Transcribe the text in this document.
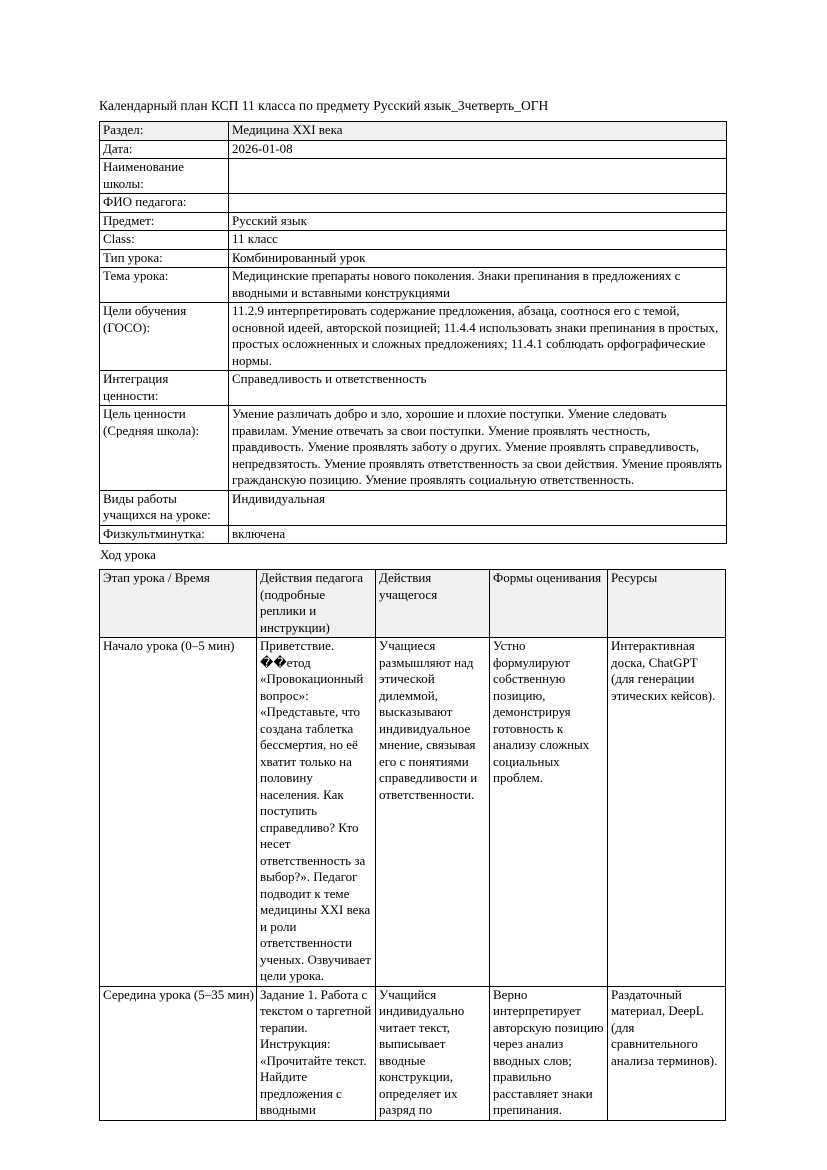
Календарный план КСП 11 класса по предмету Русский язык_3четверть_ОГН
Раздел:	Медицина XXI века
Дата:	2026-01-08
Наименование школы:	
ФИО педагога:	
Предмет:	Русский язык
Class:	11 класс
Тип урока:	Комбинированный урок
Тема урока:	Медицинские препараты нового поколения. Знаки препинания в предложениях с вводными и вставными конструкциями
Цели обучения (ГОСО):	11.2.9 интерпретировать содержание предложения, абзаца, соотнося его с темой, основной идеей, авторской позицией; 11.4.4 использовать знаки препинания в простых, простых осложненных и сложных предложениях; 11.4.1 соблюдать орфографические нормы.
Интеграция ценности:	Справедливость и ответственность
Цель ценности (Средняя школа):	Умение различать добро и зло, хорошие и плохие поступки. Умение следовать правилам. Умение отвечать за свои поступки. Умение проявлять честность, правдивость. Умение проявлять заботу о других. Умение проявлять справедливость, непредвзятость. Умение проявлять ответственность за свои действия. Умение проявлять гражданскую позицию. Умение проявлять социальную ответственность.
Виды работы учащихся на уроке:	Индивидуальная
Физкультминутка:	включена
Ход урока
Этап урока / Время	Действия педагога (подробные реплики и инструкции)	Действия учащегося	Формы оценивания	Ресурсы
Начало урока (0–5 мин)	Приветствие. ��етод «Провокационный вопрос»: «Представьте, что создана таблетка бессмертия, но её хватит только на половину населения. Как поступить справедливо? Кто несет ответственность за выбор?». Педагог подводит к теме медицины XXI века и роли ответственности ученых. Озвучивает цели урока.	Учащиеся размышляют над этической дилеммой, высказывают индивидуальное мнение, связывая его с понятиями справедливости и ответственности.	Устно формулируют собственную позицию, демонстрируя готовность к анализу сложных социальных проблем.	Интерактивная доска, ChatGPT (для генерации этических кейсов).
Середина урока (5–35 мин)	Задание 1. Работа с текстом о таргетной терапии. Инструкция: «Прочитайте текст. Найдите предложения с вводными	Учащийся индивидуально читает текст, выписывает вводные конструкции, определяет их разряд по	Верно интерпретирует авторскую позицию через анализ вводных слов; правильно расставляет знаки препинания.	Раздаточный материал, DeepL (для сравнительного анализа терминов).
